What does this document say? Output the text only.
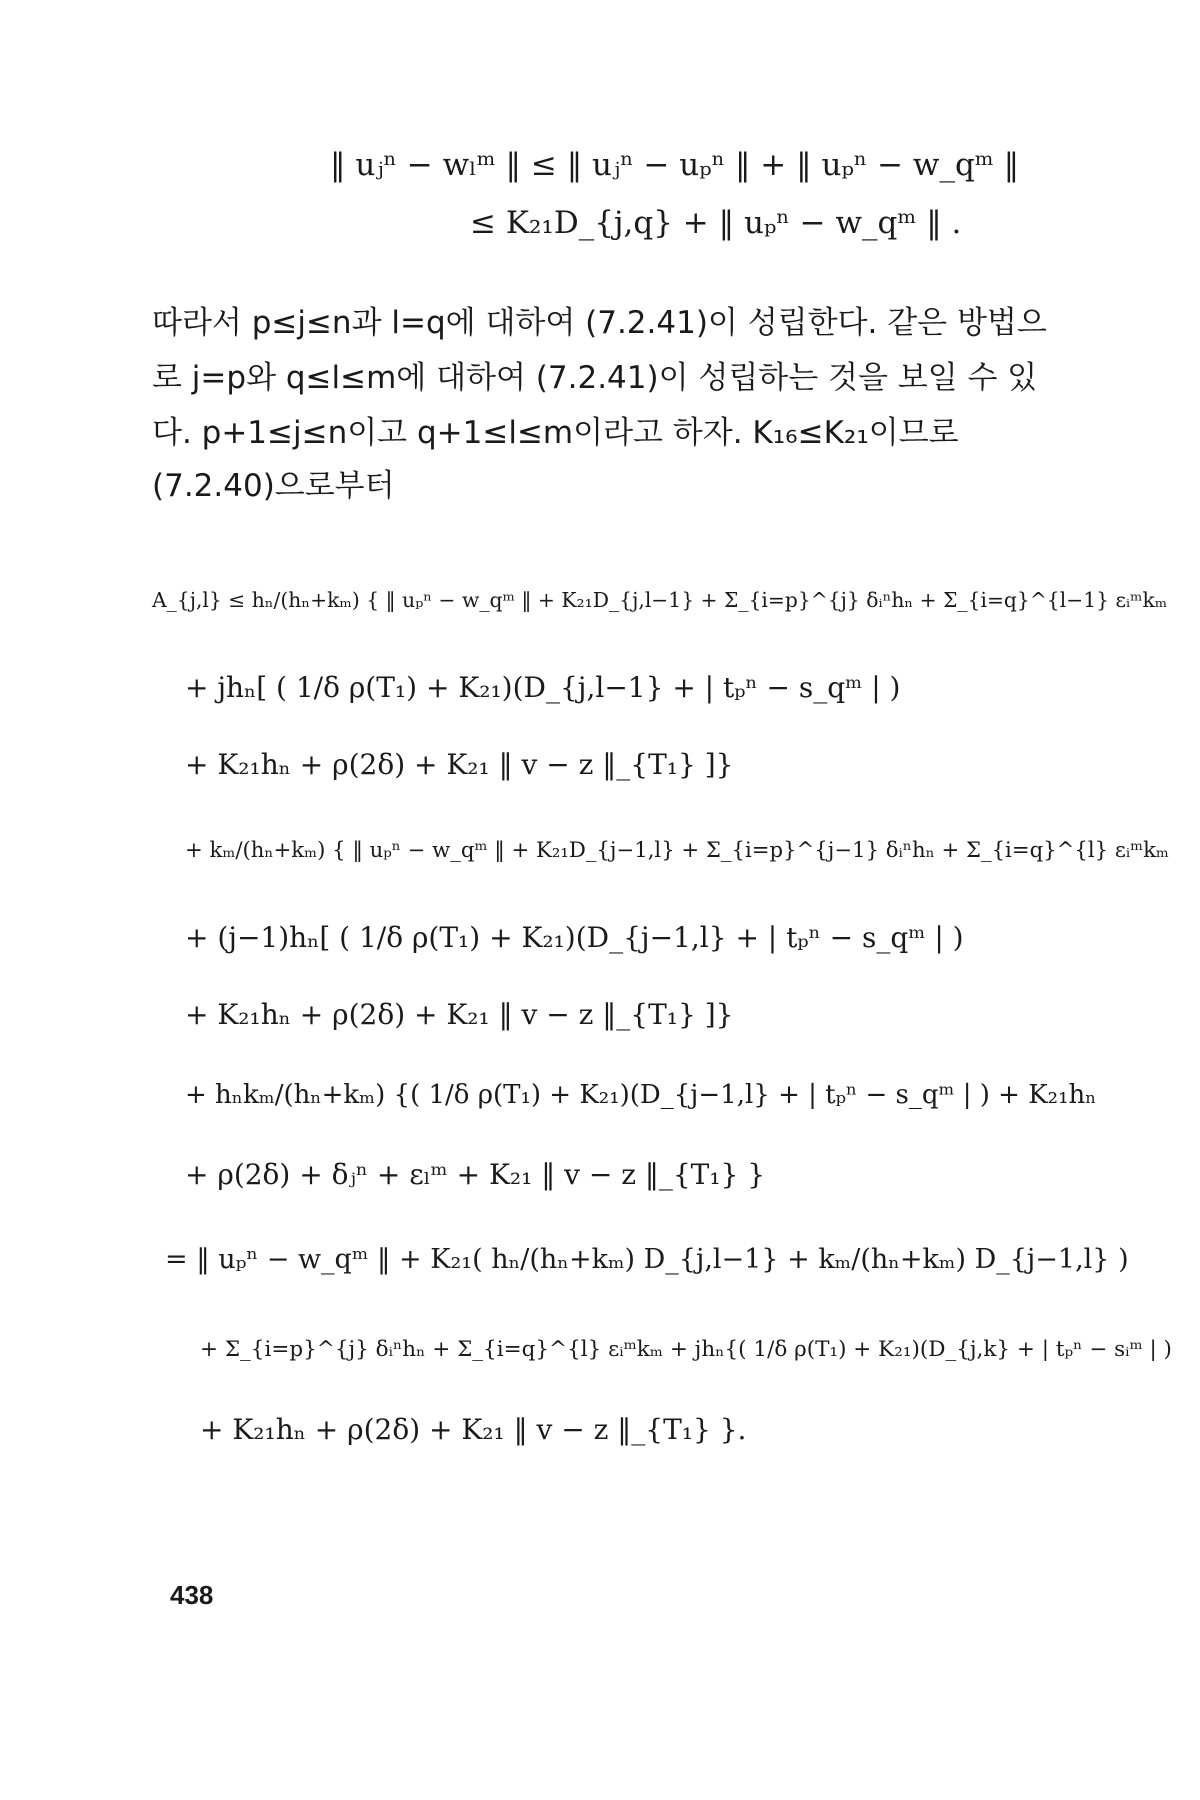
‖ uⱼⁿ − wₗᵐ ‖ ≤ ‖ uⱼⁿ − uₚⁿ ‖ + ‖ uₚⁿ − w_qᵐ ‖
≤ K₂₁D_{j,q} + ‖ uₚⁿ − w_qᵐ ‖ .
따라서 p≤j≤n과 l=q에 대하여 (7.2.41)이 성립한다. 같은 방법으
로 j=p와 q≤l≤m에 대하여 (7.2.41)이 성립하는 것을 보일 수 있
다. p+1≤j≤n이고 q+1≤l≤m이라고 하자. K₁₆≤K₂₁이므로
(7.2.40)으로부터
A_{j,l} ≤ hₙ/(hₙ+kₘ) { ‖ uₚⁿ − w_qᵐ ‖ + K₂₁D_{j,l−1} + Σ_{i=p}^{j} δᵢⁿhₙ + Σ_{i=q}^{l−1} εᵢᵐkₘ
+ jhₙ[ ( 1/δ ρ(T₁) + K₂₁)(D_{j,l−1} + | tₚⁿ − s_qᵐ | )
+ K₂₁hₙ + ρ(2δ) + K₂₁ ‖ v − z ‖_{T₁} ]}
+ kₘ/(hₙ+kₘ) { ‖ uₚⁿ − w_qᵐ ‖ + K₂₁D_{j−1,l} + Σ_{i=p}^{j−1} δᵢⁿhₙ + Σ_{i=q}^{l} εᵢᵐkₘ
+ (j−1)hₙ[ ( 1/δ ρ(T₁) + K₂₁)(D_{j−1,l} + | tₚⁿ − s_qᵐ | )
+ K₂₁hₙ + ρ(2δ) + K₂₁ ‖ v − z ‖_{T₁} ]}
+ hₙkₘ/(hₙ+kₘ) {( 1/δ ρ(T₁) + K₂₁)(D_{j−1,l} + | tₚⁿ − s_qᵐ | ) + K₂₁hₙ
+ ρ(2δ) + δⱼⁿ + εₗᵐ + K₂₁ ‖ v − z ‖_{T₁} }
= ‖ uₚⁿ − w_qᵐ ‖ + K₂₁( hₙ/(hₙ+kₘ) D_{j,l−1} + kₘ/(hₙ+kₘ) D_{j−1,l} )
+ Σ_{i=p}^{j} δᵢⁿhₙ + Σ_{i=q}^{l} εᵢᵐkₘ + jhₙ{( 1/δ ρ(T₁) + K₂₁)(D_{j,k} + | tₚⁿ − sᵢᵐ | )
+ K₂₁hₙ + ρ(2δ) + K₂₁ ‖ v − z ‖_{T₁} }.
438
